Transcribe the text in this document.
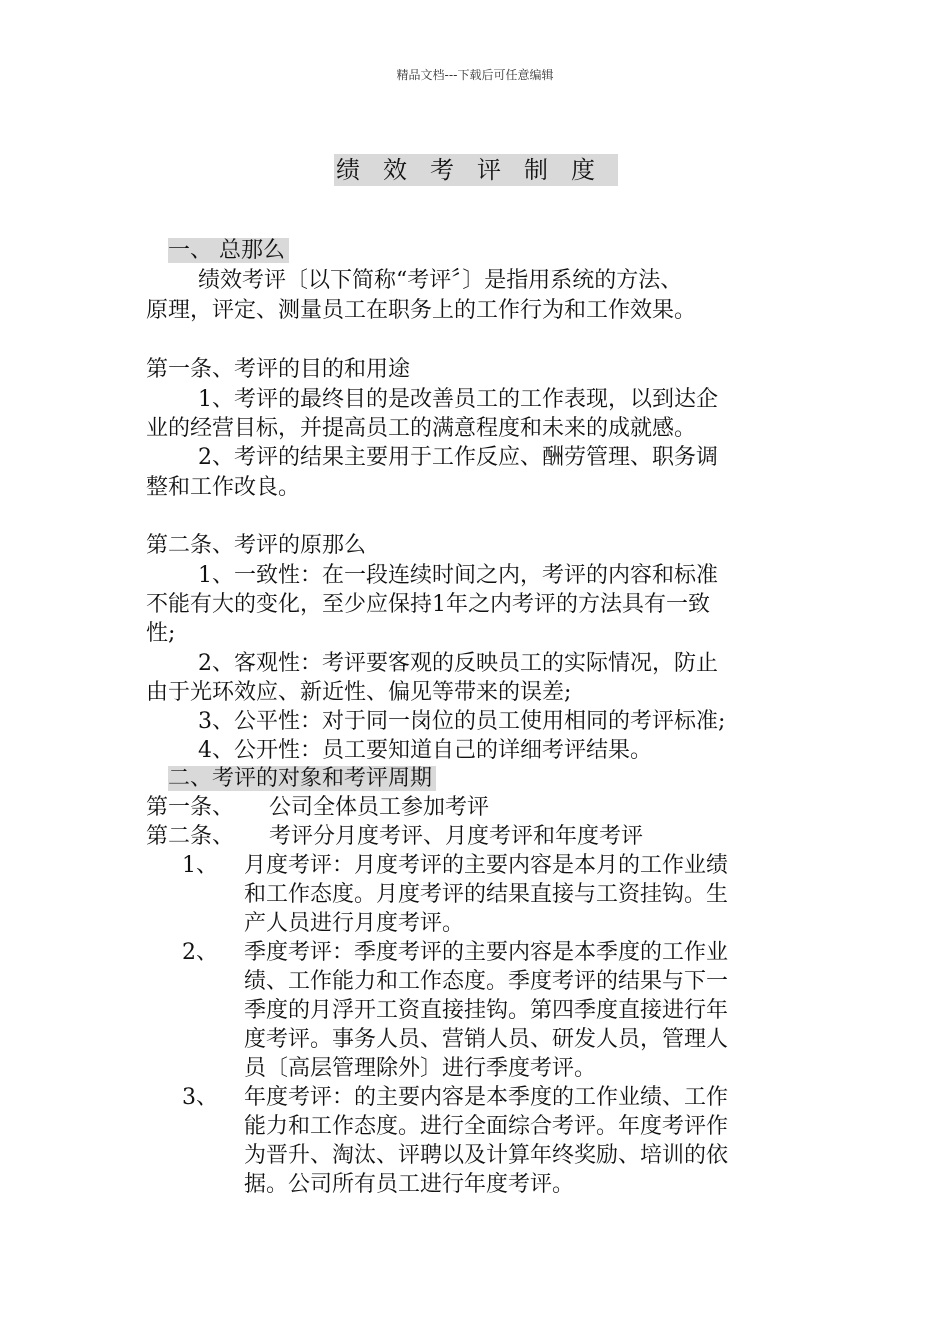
精品文档---下载后可任意编辑
绩效考评制度
一、 总那么
绩效考评〔以下简称“考评〞〕是指用系统的方法、
原理，评定、测量员工在职务上的工作行为和工作效果。
第一条、考评的目的和用途
1、考评的最终目的是改善员工的工作表现，以到达企
业的经营目标，并提高员工的满意程度和未来的成就感。
2、考评的结果主要用于工作反应、酬劳管理、职务调
整和工作改良。
第二条、考评的原那么
1、一致性：在一段连续时间之内，考评的内容和标准
不能有大的变化，至少应保持1年之内考评的方法具有一致
性;
2、客观性：考评要客观的反映员工的实际情况，防止
由于光环效应、新近性、偏见等带来的误差;
3、公平性：对于同一岗位的员工使用相同的考评标准;
4、公开性：员工要知道自己的详细考评结果。
二、考评的对象和考评周期
第一条、     公司全体员工参加考评
第二条、     考评分月度考评、月度考评和年度考评
1、 月度考评：月度考评的主要内容是本月的工作业绩
和工作态度。月度考评的结果直接与工资挂钩。生
产人员进行月度考评。
2、 季度考评：季度考评的主要内容是本季度的工作业
绩、工作能力和工作态度。季度考评的结果与下一
季度的月浮开工资直接挂钩。第四季度直接进行年
度考评。事务人员、营销人员、研发人员，管理人
员〔高层管理除外〕进行季度考评。
3、 年度考评：的主要内容是本季度的工作业绩、工作
能力和工作态度。进行全面综合考评。年度考评作
为晋升、淘汰、评聘以及计算年终奖励、培训的依
据。公司所有员工进行年度考评。
